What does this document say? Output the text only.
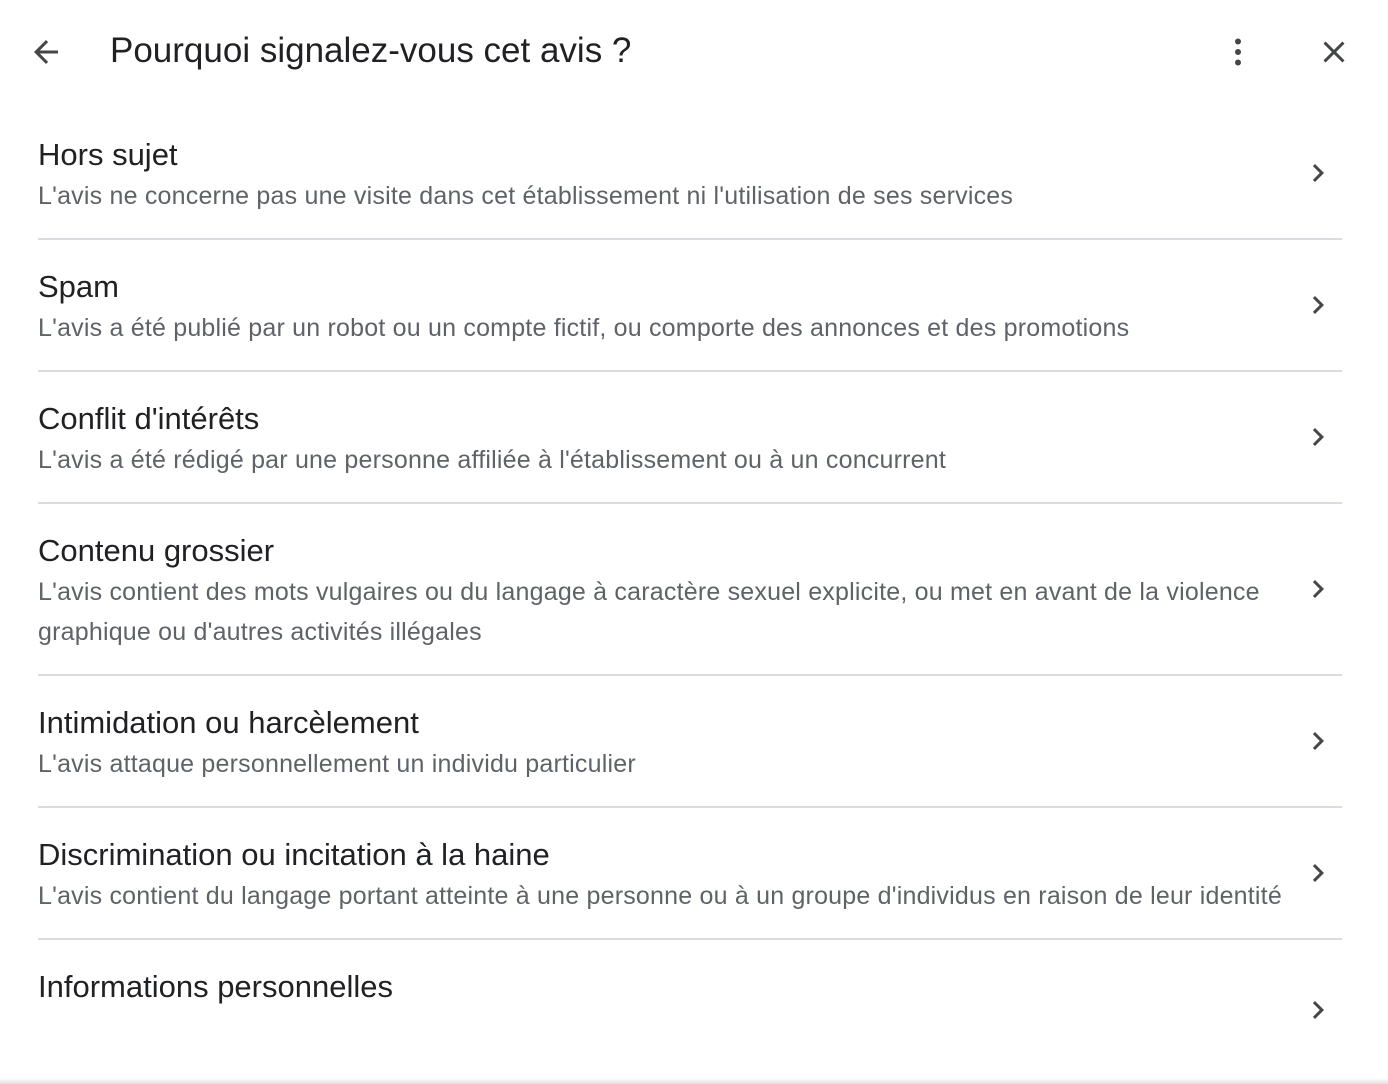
Pourquoi signalez-vous cet avis ?
Hors sujet
L'avis ne concerne pas une visite dans cet établissement ni l'utilisation de ses services
Spam
L'avis a été publié par un robot ou un compte fictif, ou comporte des annonces et des promotions
Conflit d'intérêts
L'avis a été rédigé par une personne affiliée à l'établissement ou à un concurrent
Contenu grossier
L'avis contient des mots vulgaires ou du langage à caractère sexuel explicite, ou met en avant de la violence graphique ou d'autres activités illégales
Intimidation ou harcèlement
L'avis attaque personnellement un individu particulier
Discrimination ou incitation à la haine
L'avis contient du langage portant atteinte à une personne ou à un groupe d'individus en raison de leur identité
Informations personnelles
